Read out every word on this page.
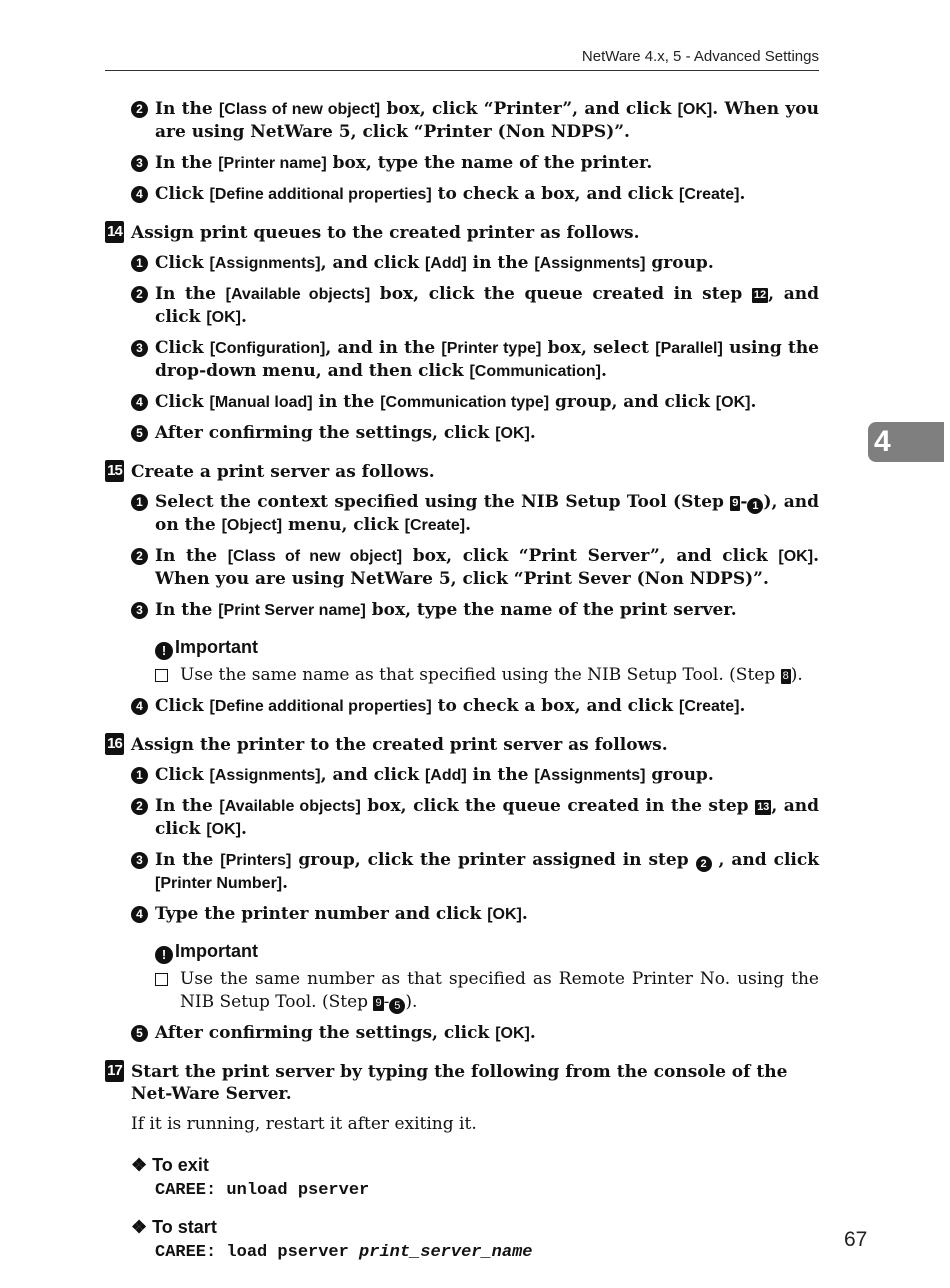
NetWare 4.x, 5 - Advanced Settings
4
2 In the [Class of new object] box, click “Printer”, and click [OK]. When you are using NetWare 5, click “Printer (Non NDPS)”.
3 In the [Printer name] box, type the name of the printer.
4 Click [Define additional properties] to check a box, and click [Create].
14 Assign print queues to the created printer as follows.
1 Click [Assignments], and click [Add] in the [Assignments] group.
2 In the [Available objects] box, click the queue created in step 12 , and click [OK].
3 Click [Configuration], and in the [Printer type] box, select [Parallel] using the drop-down menu, and then click [Communication].
4 Click [Manual load] in the [Communication type] group, and click [OK].
5 After confirming the settings, click [OK].
15 Create a print server as follows.
1 Select the context specified using the NIB Setup Tool (Step 9 - 1 ), and on the [Object] menu, click [Create].
2 In the [Class of new object] box, click “Print Server”, and click [OK]. When you are using NetWare 5, click “Print Sever (Non NDPS)”.
3 In the [Print Server name] box, type the name of the print server.
! Important
Use the same name as that specified using the NIB Setup Tool. (Step 8 ).
4 Click [Define additional properties] to check a box, and click [Create].
16 Assign the printer to the created print server as follows.
1 Click [Assignments], and click [Add] in the [Assignments] group.
2 In the [Available objects] box, click the queue created in the step 13 , and click [OK].
3 In the [Printers] group, click the printer assigned in step 2 , and click [Printer Number].
4 Type the printer number and click [OK].
! Important
Use the same number as that specified as Remote Printer No. using the NIB Setup Tool. (Step 9 - 5 ).
5 After confirming the settings, click [OK].
17 Start the print server by typing the following from the console of the Net-Ware Server.
If it is running, restart it after exiting it.
❖ To exit
CAREE: unload pserver
❖ To start
CAREE: load pserver print_server_name
67
